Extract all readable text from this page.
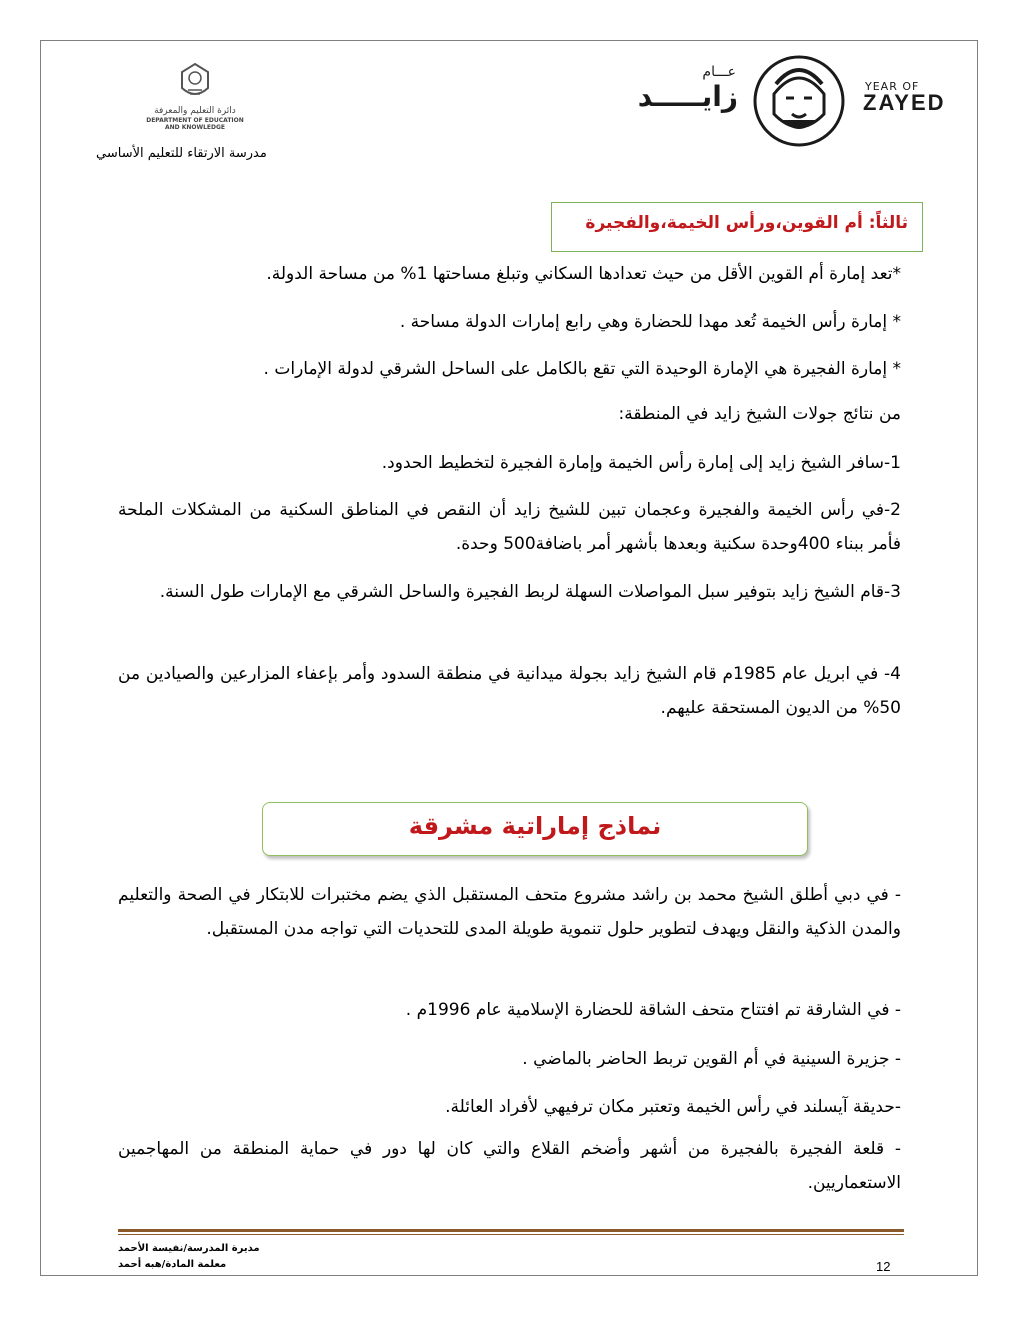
دائرة التعليم والمعرفة
DEPARTMENT OF EDUCATION
AND KNOWLEDGE
مدرسة الارتقاء للتعليم الأساسي
عـــام
زايـــــد	YEAR OF
ZAYED
ثالثاً: أم القوين،ورأس الخيمة،والفجيرة
*تعد إمارة أم القوين الأقل من حيث تعدادها السكاني وتبلغ مساحتها 1% من مساحة الدولة.
* إمارة رأس الخيمة تُعد مهدا للحضارة وهي رابع إمارات الدولة مساحة .
* إمارة الفجيرة هي الإمارة الوحيدة التي تقع بالكامل على الساحل الشرقي لدولة الإمارات .
من نتائج جولات الشيخ زايد في المنطقة:
1-سافر الشيخ زايد إلى إمارة رأس الخيمة وإمارة الفجيرة لتخطيط الحدود.
2-في رأس الخيمة والفجيرة وعجمان تبين للشيخ زايد أن النقص في المناطق السكنية من المشكلات الملحة فأمر ببناء 400وحدة سكنية وبعدها بأشهر أمر باضافة500 وحدة.
3-قام الشيخ زايد بتوفير سبل المواصلات السهلة لربط الفجيرة والساحل الشرقي مع الإمارات طول السنة.
4- في ابريل عام 1985م قام الشيخ زايد بجولة ميدانية في منطقة السدود وأمر بإعفاء المزارعين والصيادين من 50% من الديون المستحقة عليهم.
نماذج إماراتية مشرقة
- في دبي أطلق الشيخ محمد بن راشد مشروع متحف المستقبل الذي يضم مختبرات للابتكار في الصحة والتعليم والمدن الذكية والنقل ويهدف لتطوير حلول تنموية طويلة المدى للتحديات التي تواجه مدن المستقبل.
- في الشارقة تم افتتاح متحف الشاقة للحضارة الإسلامية عام 1996م .
- جزيرة السينية في أم القوين تربط الحاضر بالماضي .
-حديقة آيسلند في رأس الخيمة وتعتبر مكان ترفيهي لأفراد العائلة.
- قلعة الفجيرة بالفجيرة من أشهر وأضخم القلاع والتي كان لها دور في حماية المنطقة من المهاجمين الاستعماريين.
مديرة المدرسة/نفيسة الأحمد
معلمة المادة/هبه أحمد	12
